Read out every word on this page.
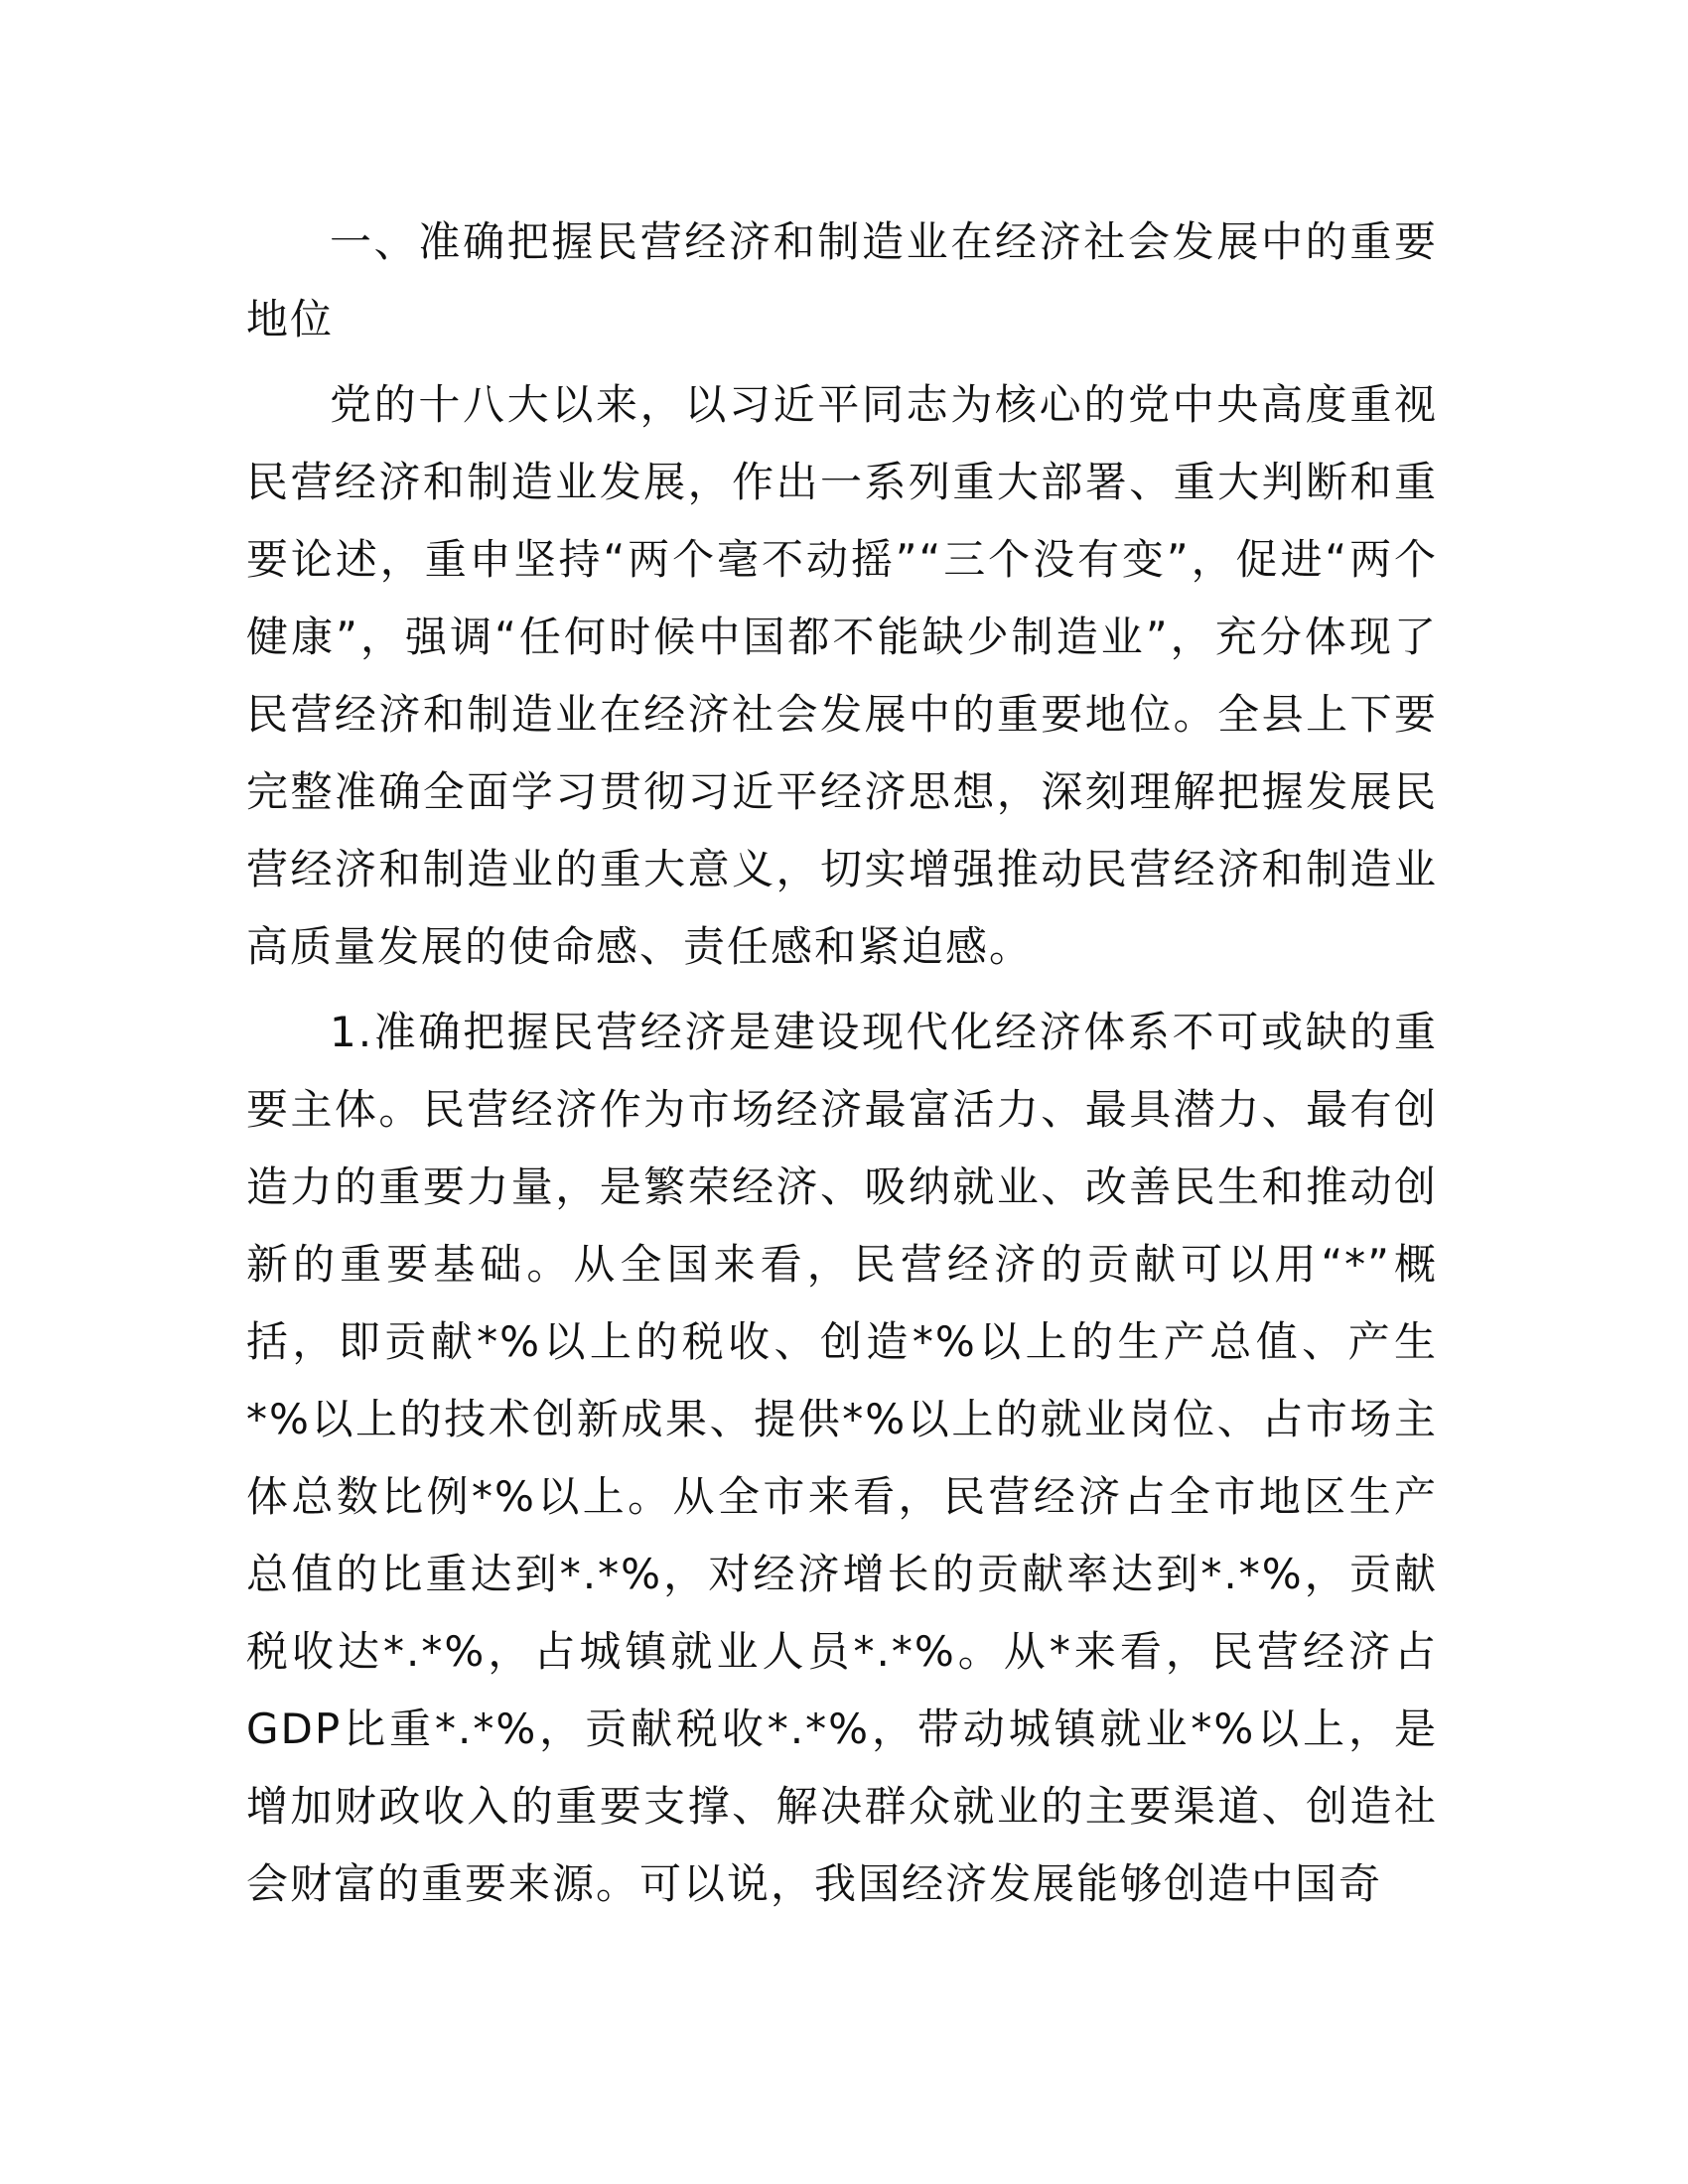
一、准确把握民营经济和制造业在经济社会发展中的重要地位

党的十八大以来，以习近平同志为核心的党中央高度重视民营经济和制造业发展，作出一系列重大部署、重大判断和重要论述，重申坚持“两个毫不动摇”“三个没有变”，促进“两个健康”，强调“任何时候中国都不能缺少制造业”，充分体现了民营经济和制造业在经济社会发展中的重要地位。全县上下要完整准确全面学习贯彻习近平经济思想，深刻理解把握发展民营经济和制造业的重大意义，切实增强推动民营经济和制造业高质量发展的使命感、责任感和紧迫感。

1.准确把握民营经济是建设现代化经济体系不可或缺的重要主体。民营经济作为市场经济最富活力、最具潜力、最有创造力的重要力量，是繁荣经济、吸纳就业、改善民生和推动创新的重要基础。从全国来看，民营经济的贡献可以用“*”概括，即贡献*%以上的税收、创造*%以上的生产总值、产生*%以上的技术创新成果、提供*%以上的就业岗位、占市场主体总数比例*%以上。从全市来看，民营经济占全市地区生产总值的比重达到*.*%，对经济增长的贡献率达到*.*%，贡献税收达*.*%，占城镇就业人员*.*%。从*来看，民营经济占GDP比重*.*%，贡献税收*.*%，带动城镇就业*%以上，是增加财政收入的重要支撑、解决群众就业的主要渠道、创造社会财富的重要来源。可以说，我国经济发展能够创造中国奇
